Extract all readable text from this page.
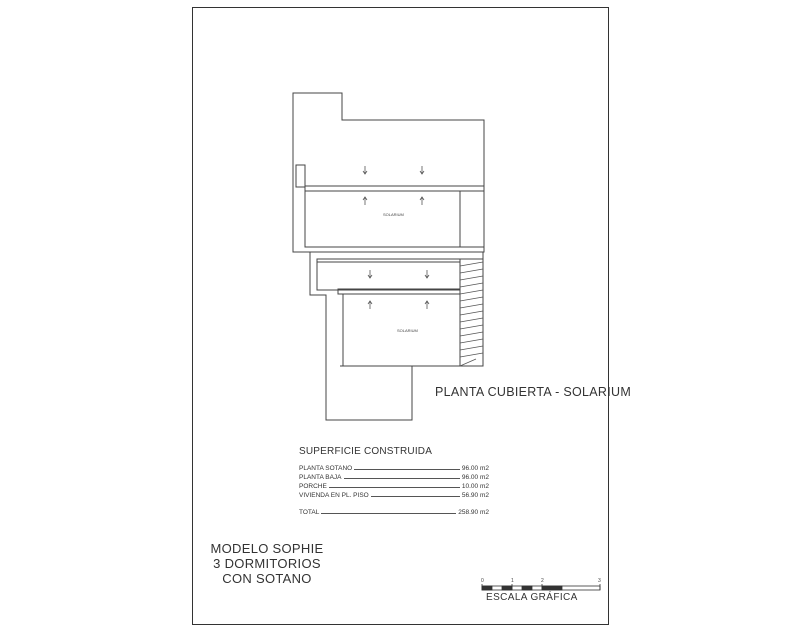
SOLARIUM
SOLARIUM
PLANTA CUBIERTA - SOLARIUM
SUPERFICIE CONSTRUIDA
PLANTA SOTANO	96.00 m2
PLANTA BAJA	96.00 m2
PORCHE	10.00 m2
VIVIENDA EN PL. PISO	56.90 m2
TOTAL	258.90 m2
MODELO SOPHIE
3 DORMITORIOS
CON SOTANO	0	1	2	3
ESCALA GRÁFICA
